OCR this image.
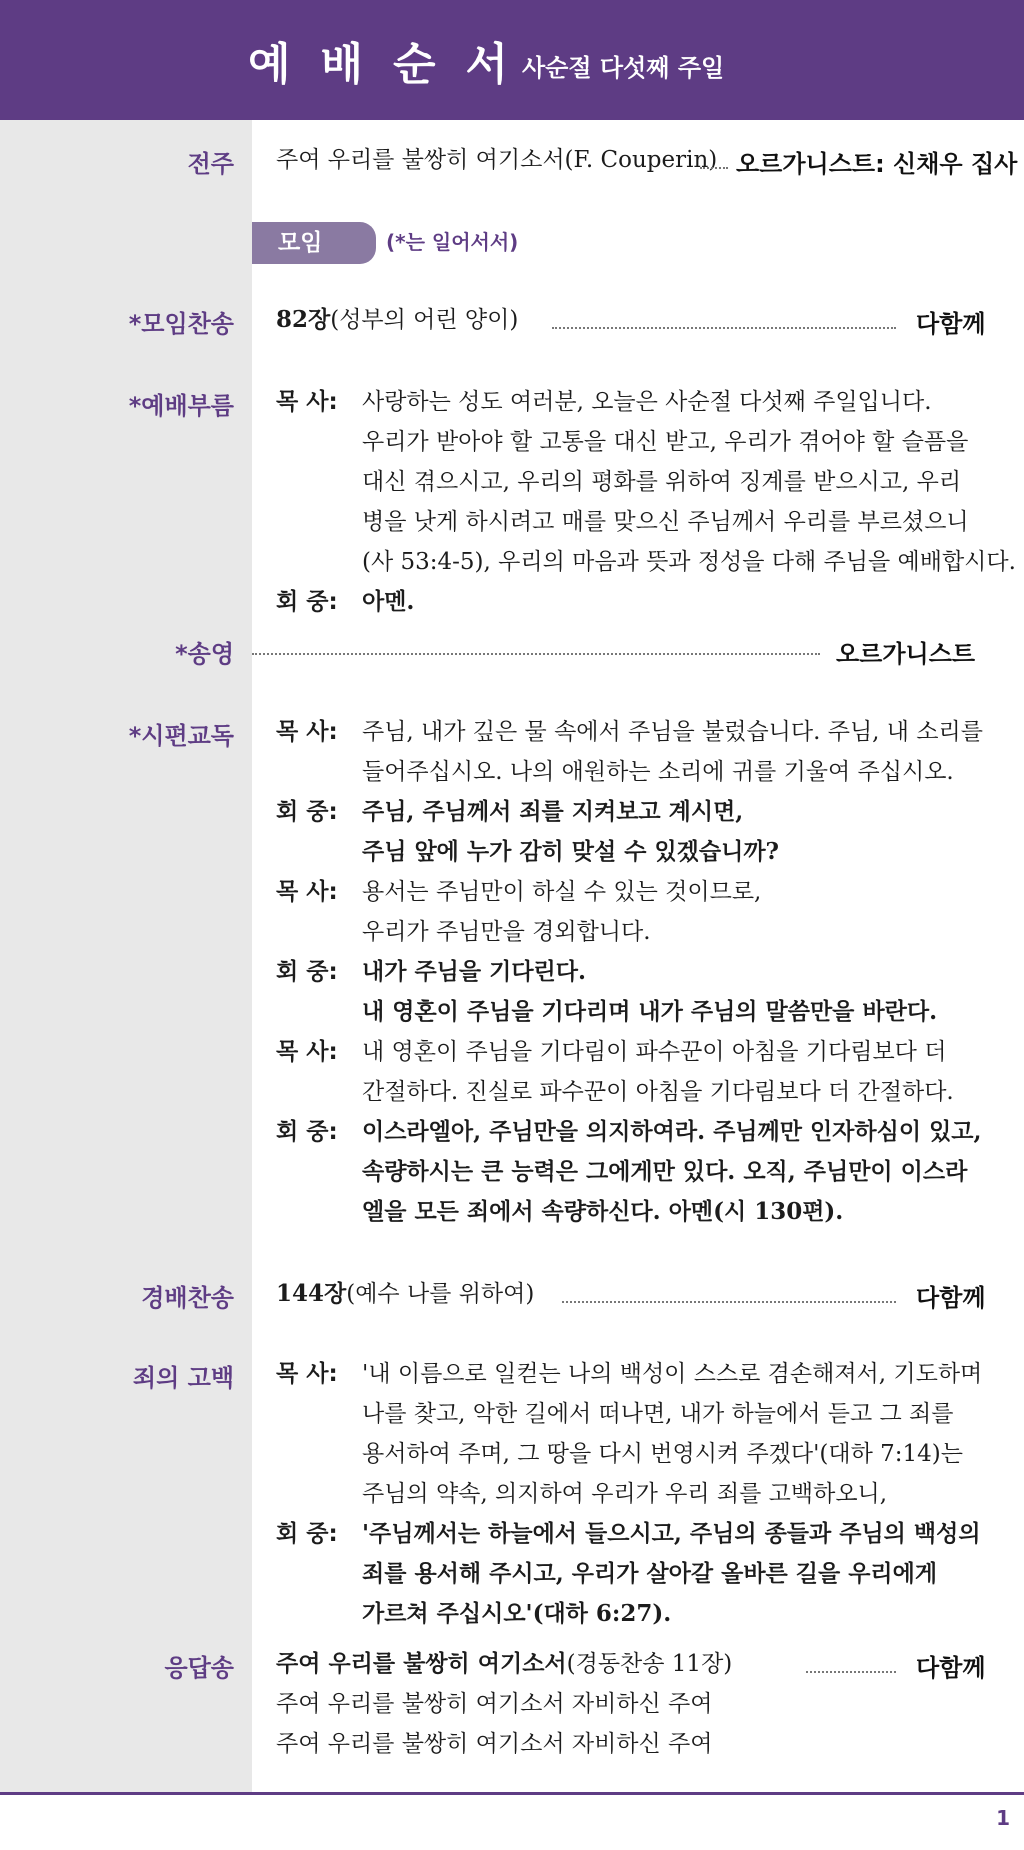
예배순서
사순절 다섯째 주일
전주 주여 우리를 불쌍히 여기소서(F. Couperin) 오르가니스트: 신채우 집사
모임	(*는 일어서서)
*모임찬송 82장(성부의 어린 양이)	다함께
*예배부름 목 사: 사랑하는 성도 여러분, 오늘은 사순절 다섯째 주일입니다.
우리가 받아야 할 고통을 대신 받고, 우리가 겪어야 할 슬픔을
대신 겪으시고, 우리의 평화를 위하여 징계를 받으시고, 우리
병을 낫게 하시려고 매를 맞으신 주님께서 우리를 부르셨으니
(사 53:4-5), 우리의 마음과 뜻과 정성을 다해 주님을 예배합시다.
회 중: 아멘.
*송영	오르가니스트
*시편교독 목 사: 주님, 내가 깊은 물 속에서 주님을 불렀습니다. 주님, 내 소리를
들어주십시오. 나의 애원하는 소리에 귀를 기울여 주십시오.
회 중: 주님, 주님께서 죄를 지켜보고 계시면,
주님 앞에 누가 감히 맞설 수 있겠습니까?
목 사: 용서는 주님만이 하실 수 있는 것이므로,
우리가 주님만을 경외합니다.
회 중: 내가 주님을 기다린다.
내 영혼이 주님을 기다리며 내가 주님의 말씀만을 바란다.
목 사: 내 영혼이 주님을 기다림이 파수꾼이 아침을 기다림보다 더
간절하다. 진실로 파수꾼이 아침을 기다림보다 더 간절하다.
회 중: 이스라엘아, 주님만을 의지하여라. 주님께만 인자하심이 있고,
속량하시는 큰 능력은 그에게만 있다. 오직, 주님만이 이스라
엘을 모든 죄에서 속량하신다. 아멘(시 130편).
경배찬송 144장(예수 나를 위하여)	다함께
죄의 고백 목 사: '내 이름으로 일컫는 나의 백성이 스스로 겸손해져서, 기도하며
나를 찾고, 악한 길에서 떠나면, 내가 하늘에서 듣고 그 죄를
용서하여 주며, 그 땅을 다시 번영시켜 주겠다'(대하 7:14)는
주님의 약속, 의지하여 우리가 우리 죄를 고백하오니,
회 중: '주님께서는 하늘에서 들으시고, 주님의 종들과 주님의 백성의
죄를 용서해 주시고, 우리가 살아갈 올바른 길을 우리에게
가르쳐 주십시오'(대하 6:27).
응답송 주여 우리를 불쌍히 여기소서(경동찬송 11장)	다함께
주여 우리를 불쌍히 여기소서 자비하신 주여
주여 우리를 불쌍히 여기소서 자비하신 주여
1
